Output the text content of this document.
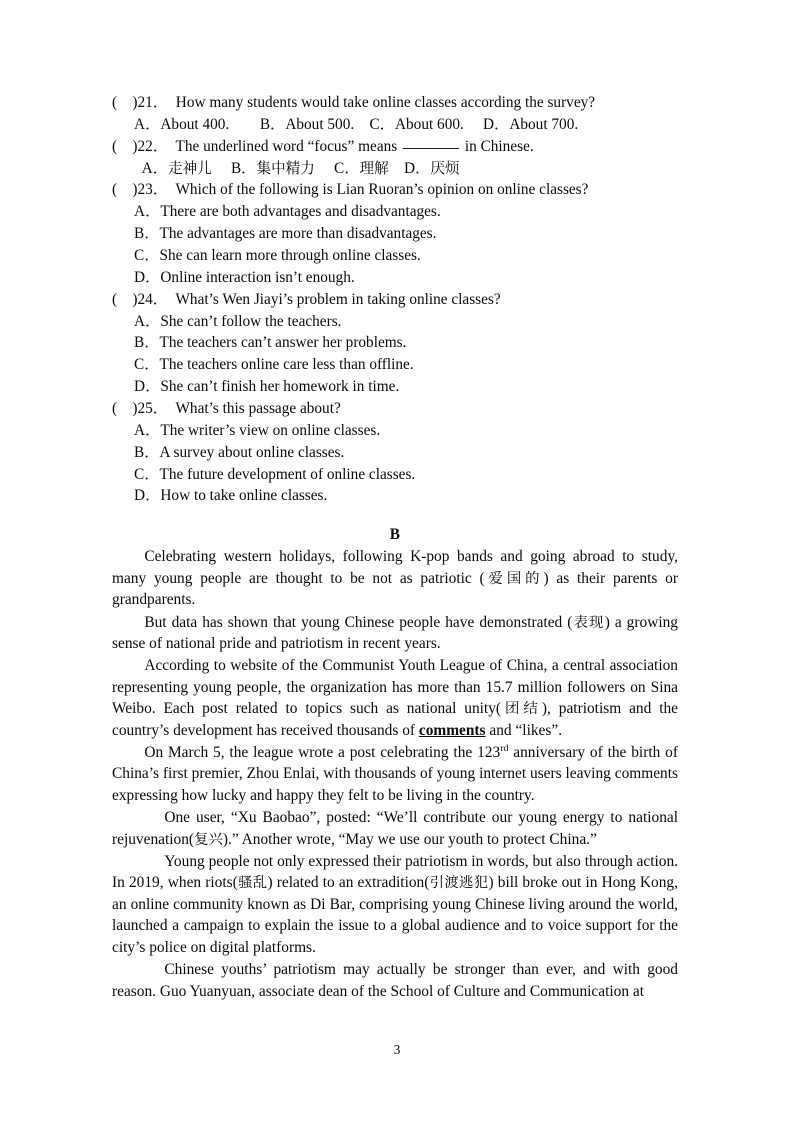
(    )21． How many students would take online classes according the survey?
A．About 400. B．About 500. C．About 600. D．About 700.
(    )22． The underlined word “focus” means	in Chinese.
A．走神儿 B．集中精力 C．理解 D．厌烦
(    )23． Which of the following is Lian Ruoran’s opinion on online classes?
A．There are both advantages and disadvantages.
B．The advantages are more than disadvantages.
C．She can learn more through online classes.
D．Online interaction isn’t enough.
(    )24． What’s Wen Jiayi’s problem in taking online classes?
A．She can’t follow the teachers.
B．The teachers can’t answer her problems.
C．The teachers online care less than offline.
D．She can’t finish her homework in time.
(    )25． What’s this passage about?
A．The writer’s view on online classes.
B．A survey about online classes.
C．The future development of online classes.
D．How to take online classes.
B

Celebrating western holidays, following K-pop bands and going abroad to study, many young people are thought to be not as patriotic (爱国的) as their parents or grandparents.

But data has shown that young Chinese people have demonstrated (表现) a growing sense of national pride and patriotism in recent years.

According to website of the Communist Youth League of China, a central association representing young people, the organization has more than 15.7 million followers on Sina Weibo. Each post related to topics such as national unity(团结), patriotism and the country’s development has received thousands of comments and “likes”.

On March 5, the league wrote a post celebrating the 123rd anniversary of the birth of China’s first premier, Zhou Enlai, with thousands of young internet users leaving comments expressing how lucky and happy they felt to be living in the country.

One user, “Xu Baobao”, posted: “We’ll contribute our young energy to national rejuvenation(复兴).” Another wrote, “May we use our youth to protect China.”

Young people not only expressed their patriotism in words, but also through action. In 2019, when riots(骚乱) related to an extradition(引渡逃犯) bill broke out in Hong Kong, an online community known as Di Bar, comprising young Chinese living around the world, launched a campaign to explain the issue to a global audience and to voice support for the city’s police on digital platforms.

Chinese youths’ patriotism may actually be stronger than ever, and with good reason. Guo Yuanyuan, associate dean of the School of Culture and Communication at

3
